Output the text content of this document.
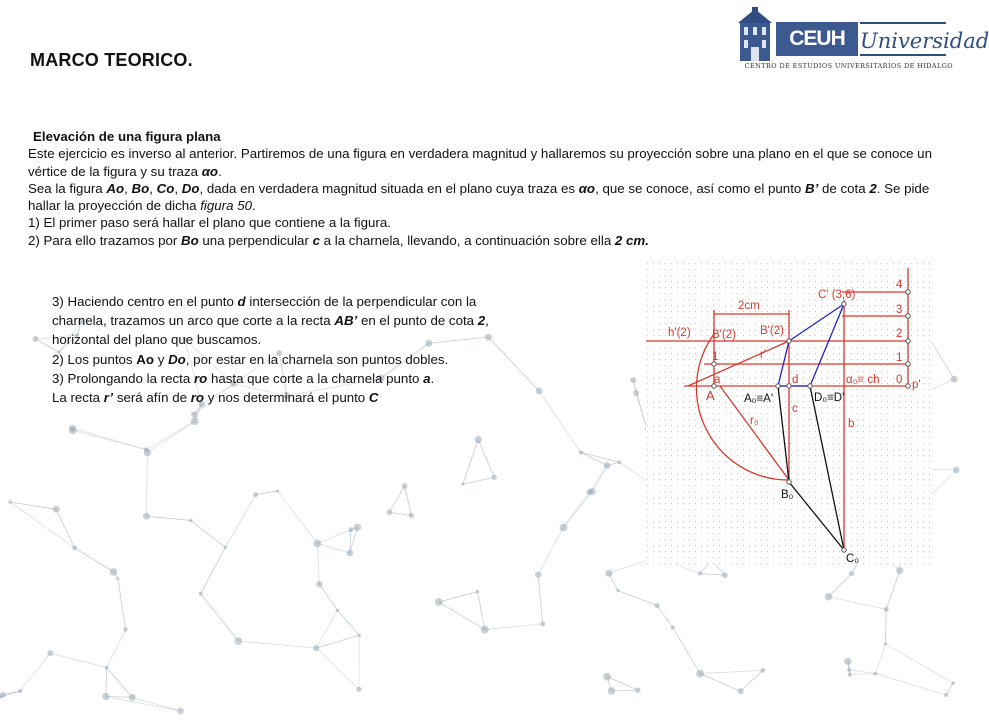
MARCO TEORICO.
CEUH Universidad
CENTRO DE ESTUDIOS UNIVERSITARIOS DE HIDALGO

Elevación de una figura plana

Este ejercicio es inverso al anterior. Partiremos de una figura en verdadera magnitud y hallaremos su proyección sobre una plano en el que se conoce un vértice de la figura y su traza αo.

Sea la figura Ao, Bo, Co, Do, dada en verdadera magnitud situada en el plano cuya traza es αo, que se conoce, así como el punto B’ de cota 2. Se pide hallar la proyección de dicha figura 50.

1) El primer paso será hallar el plano que contiene a la figura.

2) Para ello trazamos por Bo una perpendicular c a la charnela, llevando, a continuación sobre ella 2 cm.

3) Haciendo centro en el punto d intersección de la perpendicular con la charnela, trazamos un arco que corte a la recta AB’ en el punto de cota 2, horizontal del plano que buscamos.

2) Los puntos Ao y Do, por estar en la charnela son puntos dobles.

3) Prolongando la recta ro hasta que corte a la charnela punto a.

La recta r’ será afín de ro y nos determinará el punto C

C' (3,6)
4
2cm	3
h'(2) B'(2) B'(2)	2
1	r'	1
a	d	α₀≡ ch 0 p'
A	A₀≡A'	D₀≡D'
c
r₀	b
B₀
C₀
